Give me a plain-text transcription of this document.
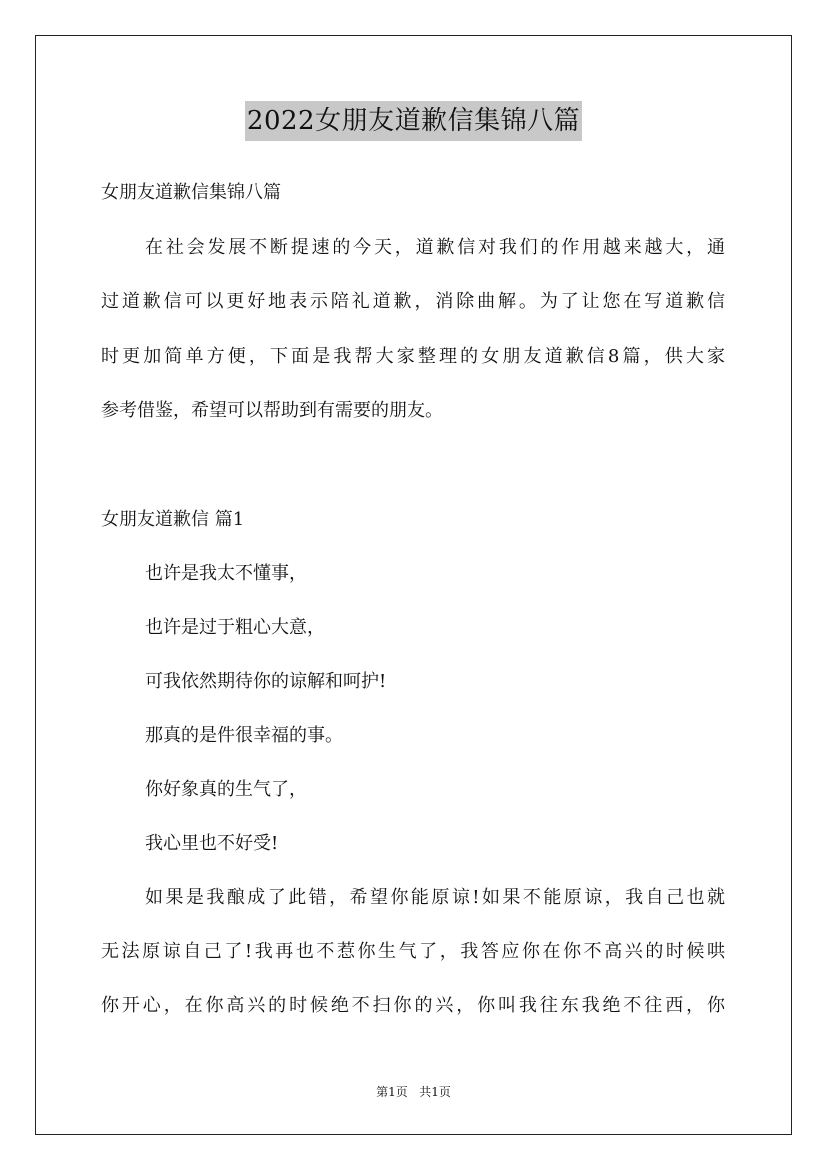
2022女朋友道歉信集锦八篇
女朋友道歉信集锦八篇
在社会发展不断提速的今天，道歉信对我们的作用越来越大，通
过道歉信可以更好地表示陪礼道歉，消除曲解。为了让您在写道歉信
时更加简单方便，下面是我帮大家整理的女朋友道歉信8篇，供大家
参考借鉴，希望可以帮助到有需要的朋友。
女朋友道歉信 篇1
也许是我太不懂事，
也许是过于粗心大意，
可我依然期待你的谅解和呵护!
那真的是件很幸福的事。
你好象真的生气了，
我心里也不好受!
如果是我酿成了此错，希望你能原谅!如果不能原谅，我自己也就
无法原谅自己了!我再也不惹你生气了，我答应你在你不高兴的时候哄
你开心，在你高兴的时候绝不扫你的兴，你叫我往东我绝不往西，你
第1页 共1页
